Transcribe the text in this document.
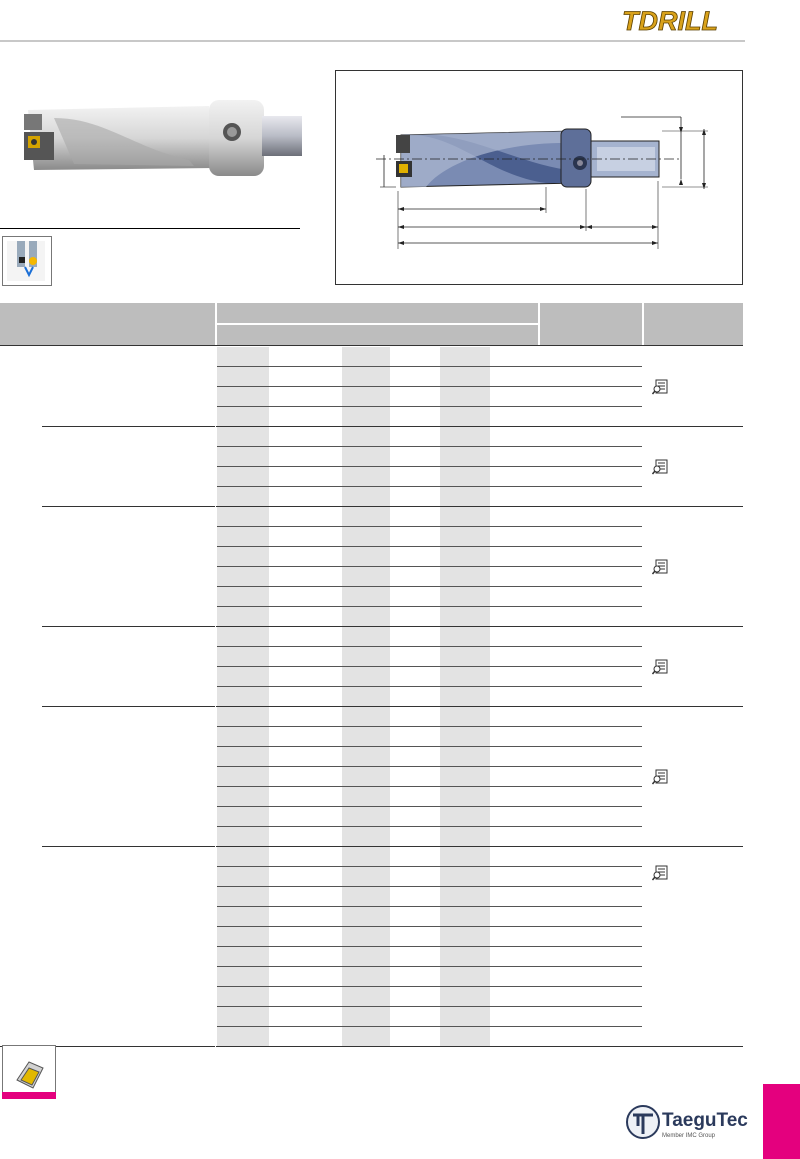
TDRILL
TaeguTec
Member IMC Group
